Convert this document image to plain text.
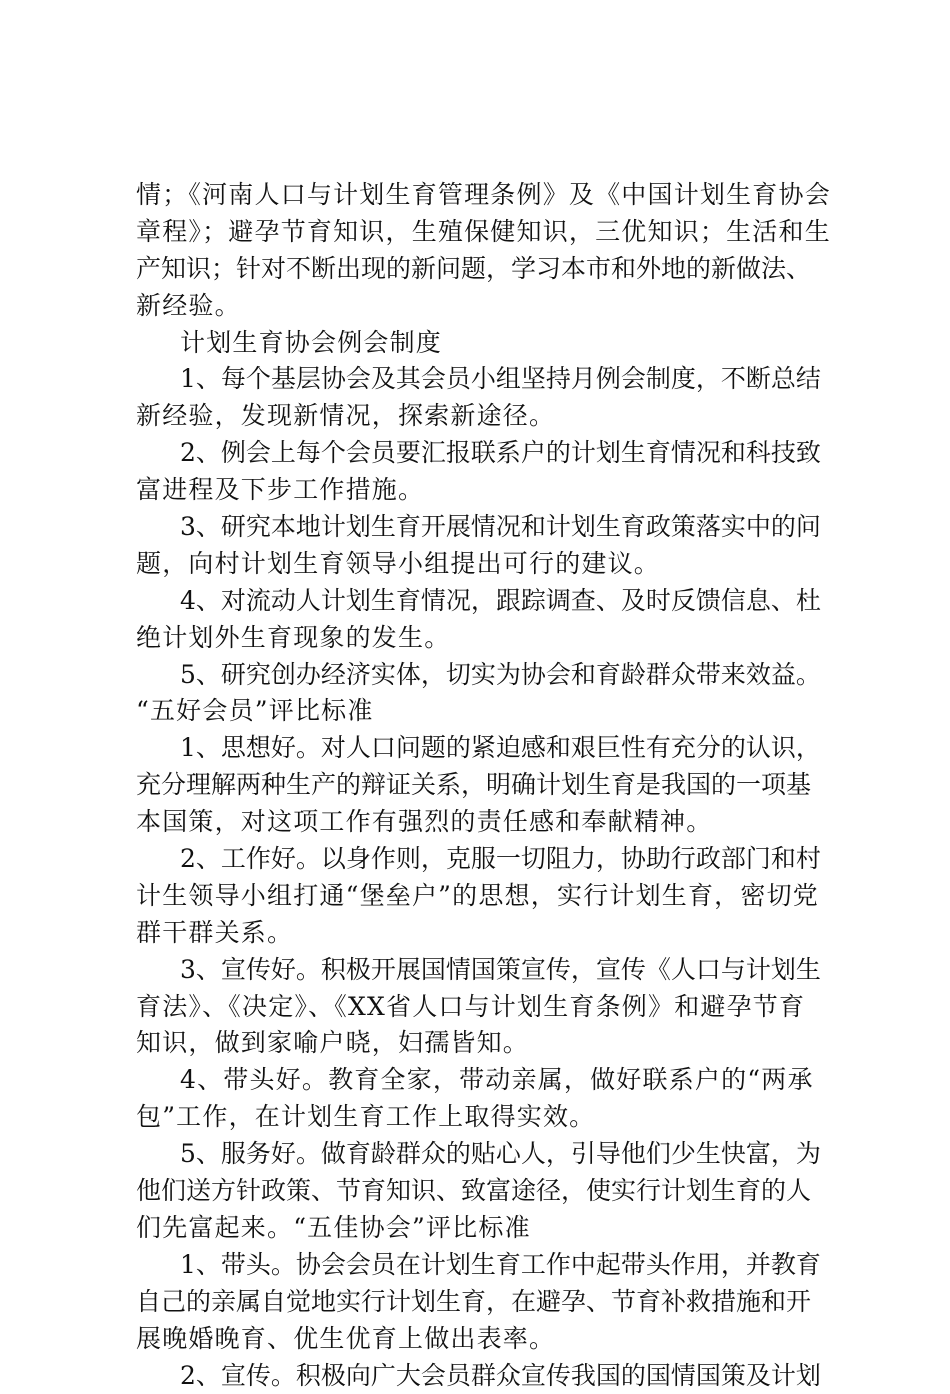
情；《河南人口与计划生育管理条例》及《中国计划生育协会
章程》；避孕节育知识，生殖保健知识，三优知识；生活和生
产知识；针对不断出现的新问题，学习本市和外地的新做法、
新经验。
计划生育协会例会制度
1、每个基层协会及其会员小组坚持月例会制度，不断总结
新经验，发现新情况，探索新途径。
2、例会上每个会员要汇报联系户的计划生育情况和科技致
富进程及下步工作措施。
3、研究本地计划生育开展情况和计划生育政策落实中的问
题，向村计划生育领导小组提出可行的建议。
4、对流动人计划生育情况，跟踪调查、及时反馈信息、杜
绝计划外生育现象的发生。
5、研究创办经济实体，切实为协会和育龄群众带来效益。
“五好会员”评比标准
1、思想好。对人口问题的紧迫感和艰巨性有充分的认识，
充分理解两种生产的辩证关系，明确计划生育是我国的一项基
本国策，对这项工作有强烈的责任感和奉献精神。
2、工作好。以身作则，克服一切阻力，协助行政部门和村
计生领导小组打通“堡垒户”的思想，实行计划生育，密切党
群干群关系。
3、宣传好。积极开展国情国策宣传，宣传《人口与计划生
育法》、《决定》、《XX省人口与计划生育条例》和避孕节育
知识，做到家喻户晓，妇孺皆知。
4、带头好。教育全家，带动亲属，做好联系户的“两承
包”工作，在计划生育工作上取得实效。
5、服务好。做育龄群众的贴心人，引导他们少生快富，为
他们送方针政策、节育知识、致富途径，使实行计划生育的人
们先富起来。“五佳协会”评比标准
1、带头。协会会员在计划生育工作中起带头作用，并教育
自己的亲属自觉地实行计划生育，在避孕、节育补救措施和开
展晚婚晚育、优生优育上做出表率。
2、宣传。积极向广大会员群众宣传我国的国情国策及计划
